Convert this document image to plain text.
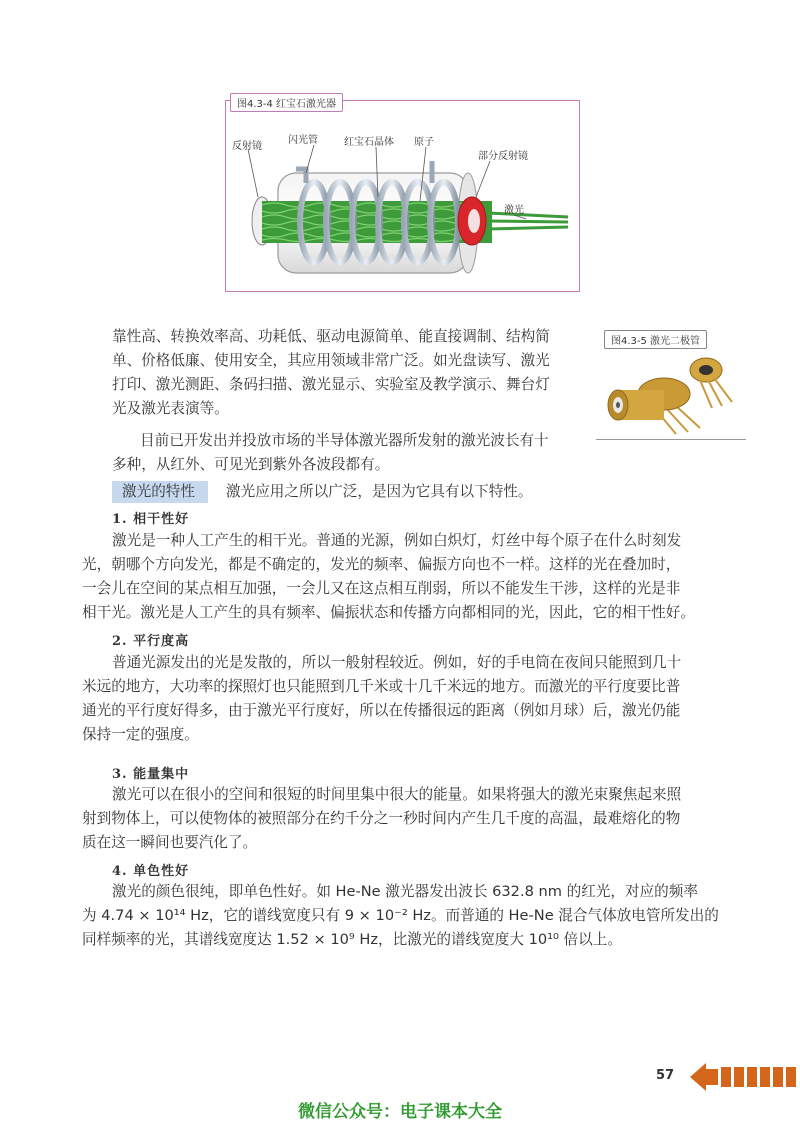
图4.3-4 红宝石激光器
反射镜
闪光管	红宝石晶体 原子
部分反射镜
激光
图4.3-5 激光二极管
靠性高、转换效率高、功耗低、驱动电源简单、能直接调制、结构简
单、价格低廉、使用安全，其应用领域非常广泛。如光盘读写、激光
打印、激光测距、条码扫描、激光显示、实验室及教学演示、舞台灯
光及激光表演等。
目前已开发出并投放市场的半导体激光器所发射的激光波长有十
多种，从红外、可见光到紫外各波段都有。
激光的特性	激光应用之所以广泛，是因为它具有以下特性。
1. 相干性好
激光是一种人工产生的相干光。普通的光源，例如白炽灯，灯丝中每个原子在什么时刻发
光，朝哪个方向发光，都是不确定的，发光的频率、偏振方向也不一样。这样的光在叠加时，
一会儿在空间的某点相互加强，一会儿又在这点相互削弱，所以不能发生干涉，这样的光是非
相干光。激光是人工产生的具有频率、偏振状态和传播方向都相同的光，因此，它的相干性好。
2. 平行度高
普通光源发出的光是发散的，所以一般射程较近。例如，好的手电筒在夜间只能照到几十
米远的地方，大功率的探照灯也只能照到几千米或十几千米远的地方。而激光的平行度要比普
通光的平行度好得多，由于激光平行度好，所以在传播很远的距离（例如月球）后，激光仍能
保持一定的强度。
3. 能量集中
激光可以在很小的空间和很短的时间里集中很大的能量。如果将强大的激光束聚焦起来照
射到物体上，可以使物体的被照部分在约千分之一秒时间内产生几千度的高温，最难熔化的物
质在这一瞬间也要汽化了。
4. 单色性好
激光的颜色很纯，即单色性好。如 He-Ne 激光器发出波长 632.8 nm 的红光，对应的频率
为 4.74 × 10¹⁴ Hz，它的谱线宽度只有 9 × 10⁻² Hz。而普通的 He-Ne 混合气体放电管所发出的
同样频率的光，其谱线宽度达 1.52 × 10⁹ Hz，比激光的谱线宽度大 10¹⁰ 倍以上。
57
微信公众号：电子课本大全
